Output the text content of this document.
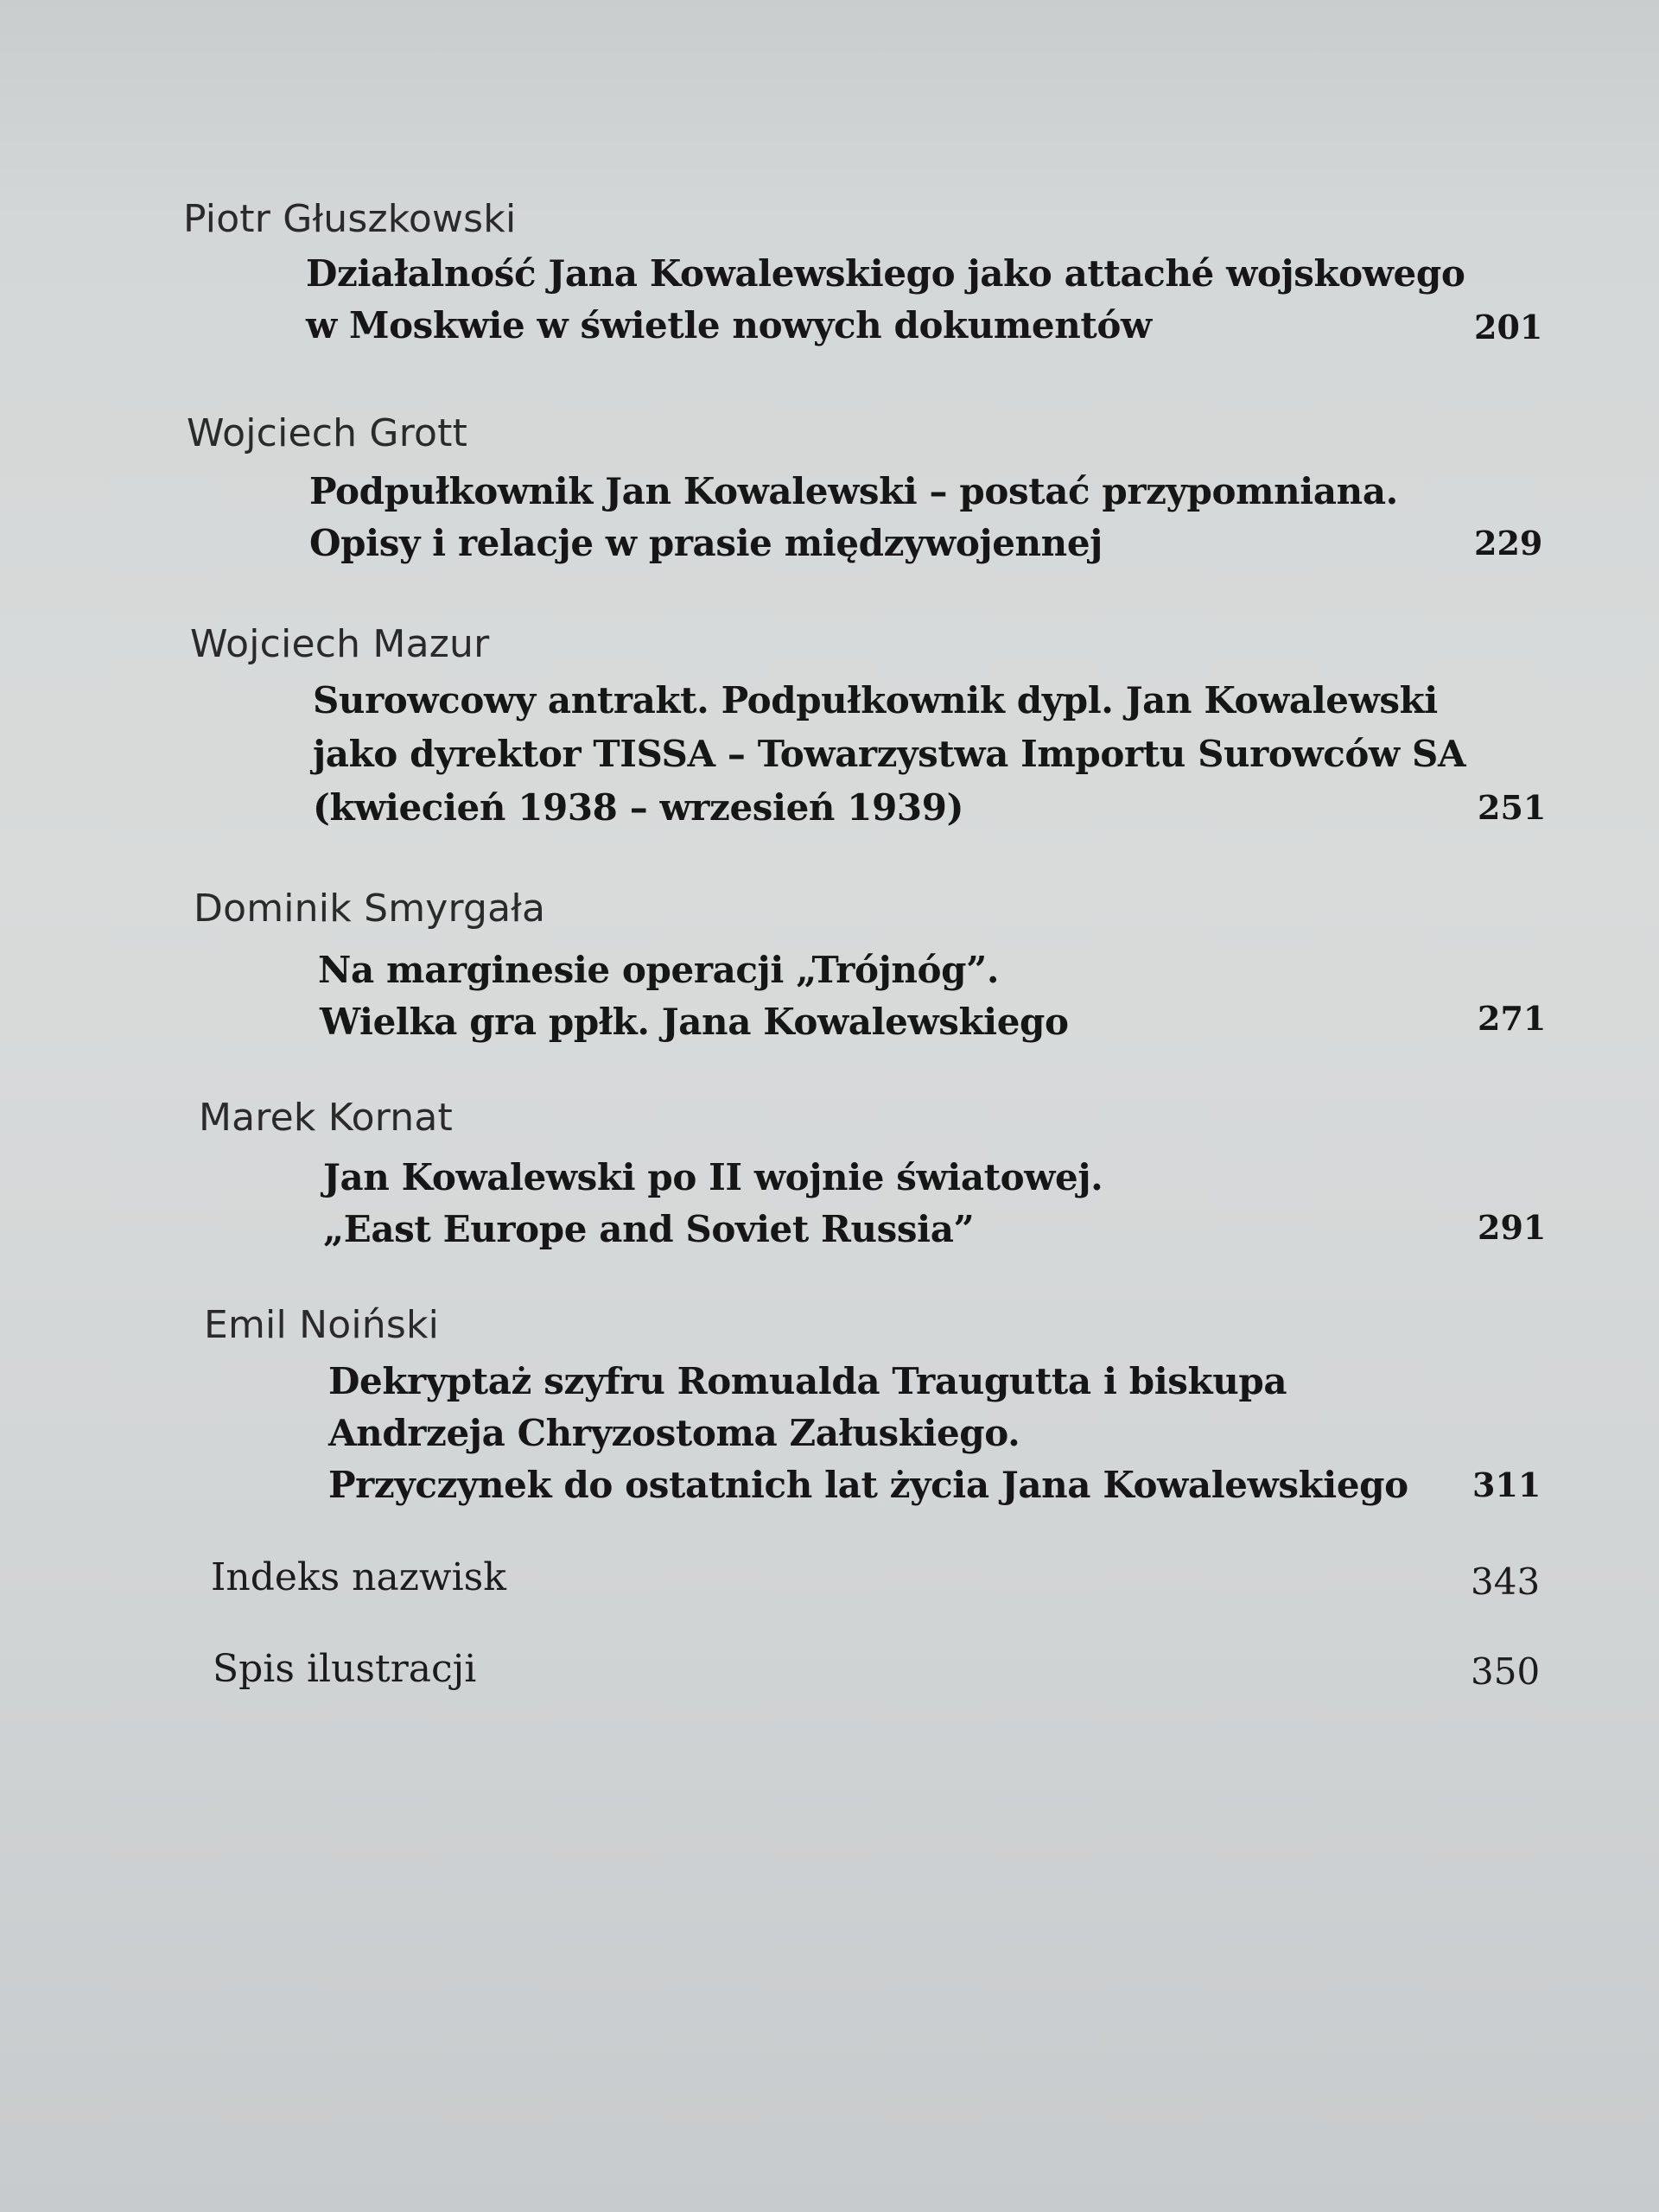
Piotr Głuszkowski
Działalność Jana Kowalewskiego jako attaché wojskowego
w Moskwie w świetle nowych dokumentów	201
Wojciech Grott
Podpułkownik Jan Kowalewski – postać przypomniana.
Opisy i relacje w prasie międzywojennej	229
Wojciech Mazur
Surowcowy antrakt. Podpułkownik dypl. Jan Kowalewski
jako dyrektor TISSA – Towarzystwa Importu Surowców SA
(kwiecień 1938 – wrzesień 1939)	251
Dominik Smyrgała
Na marginesie operacji „Trójnóg”.
Wielka gra ppłk. Jana Kowalewskiego	271
Marek Kornat
Jan Kowalewski po II wojnie światowej.
„East Europe and Soviet Russia”	291
Emil Noiński
Dekryptaż szyfru Romualda Traugutta i biskupa
Andrzeja Chryzostoma Załuskiego.
Przyczynek do ostatnich lat życia Jana Kowalewskiego 311
Indeks nazwisk	343
Spis ilustracji	350
